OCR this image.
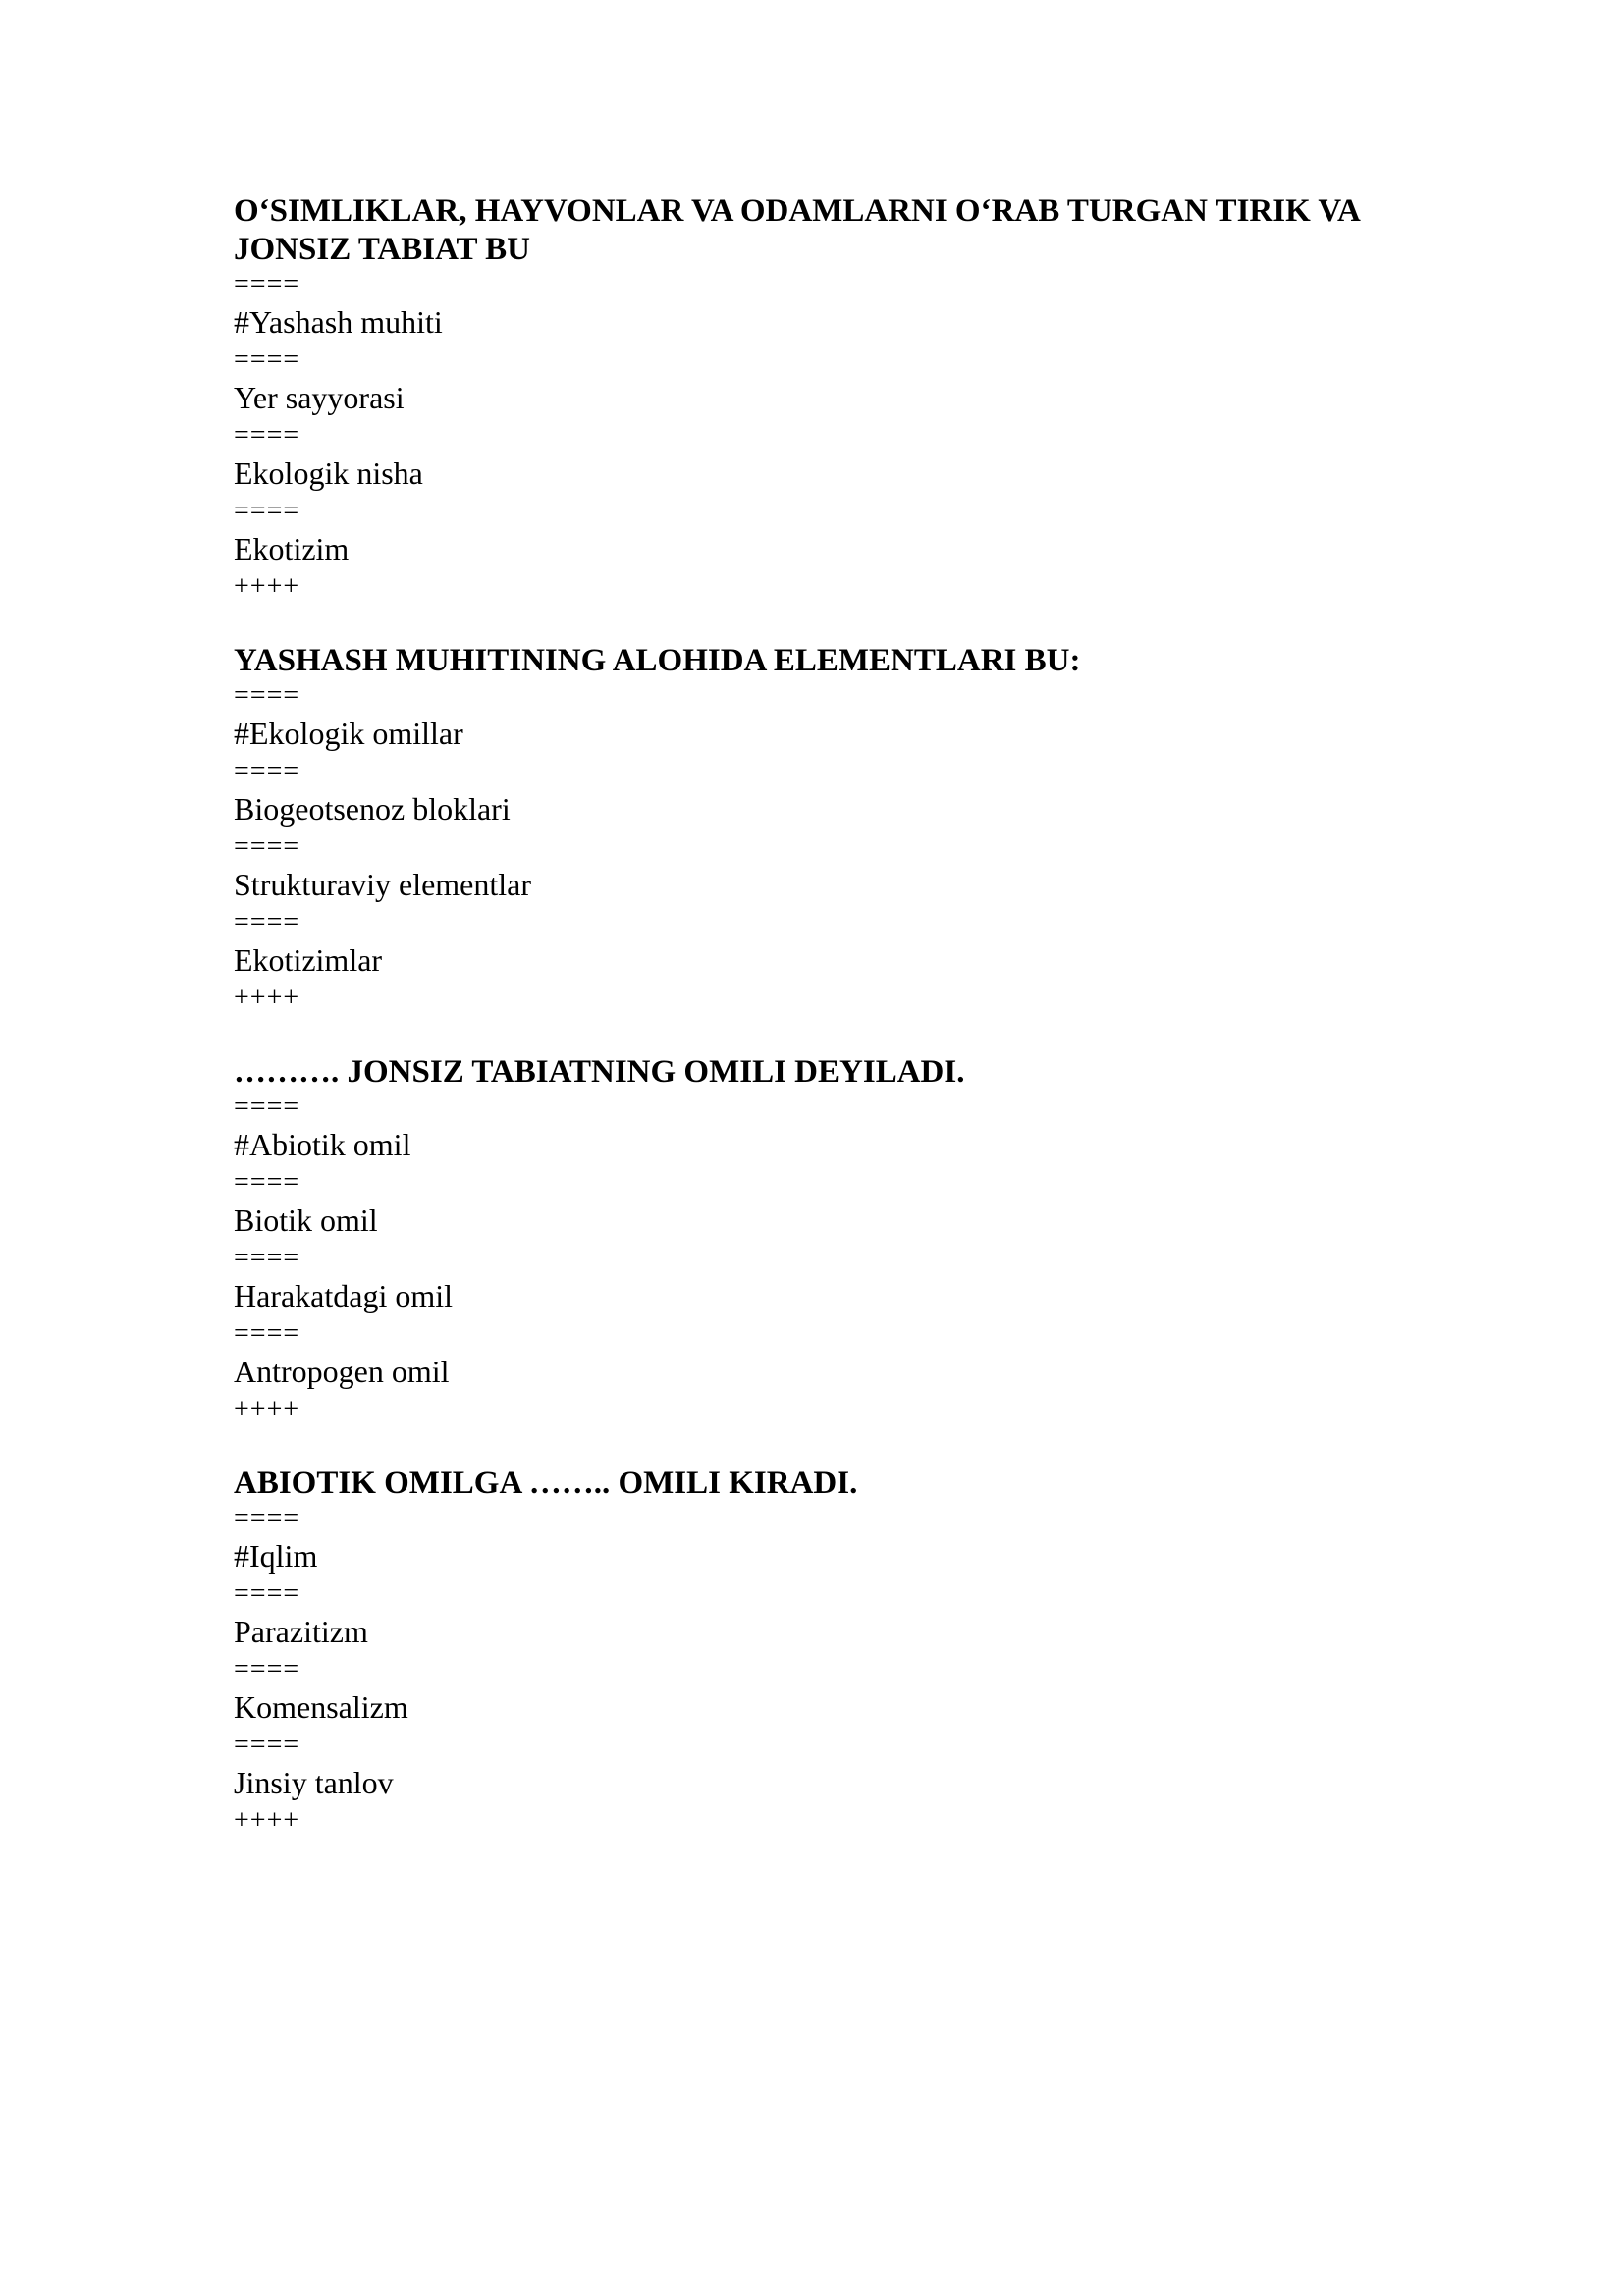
O‘SIMLIKLAR, HAYVONLAR VA ODAMLARNI O‘RAB TURGAN TIRIK VA JONSIZ TABIAT BU

====
#Yashash muhiti
====
Yer sayyorasi
====
Ekologik nisha
====
Ekotizim
++++

YASHASH MUHITINING ALOHIDA ELEMENTLARI BU:

====
#Ekologik omillar
====
Biogeotsenoz bloklari
====
Strukturaviy elementlar
====
Ekotizimlar
++++

………. JONSIZ TABIATNING OMILI DEYILADI.

====
#Abiotik omil
====
Biotik omil
====
Harakatdagi omil
====
Antropogen omil
++++

ABIOTIK OMILGA …….. OMILI KIRADI.

====
#Iqlim
====
Parazitizm
====
Komensalizm
====
Jinsiy tanlov
++++
